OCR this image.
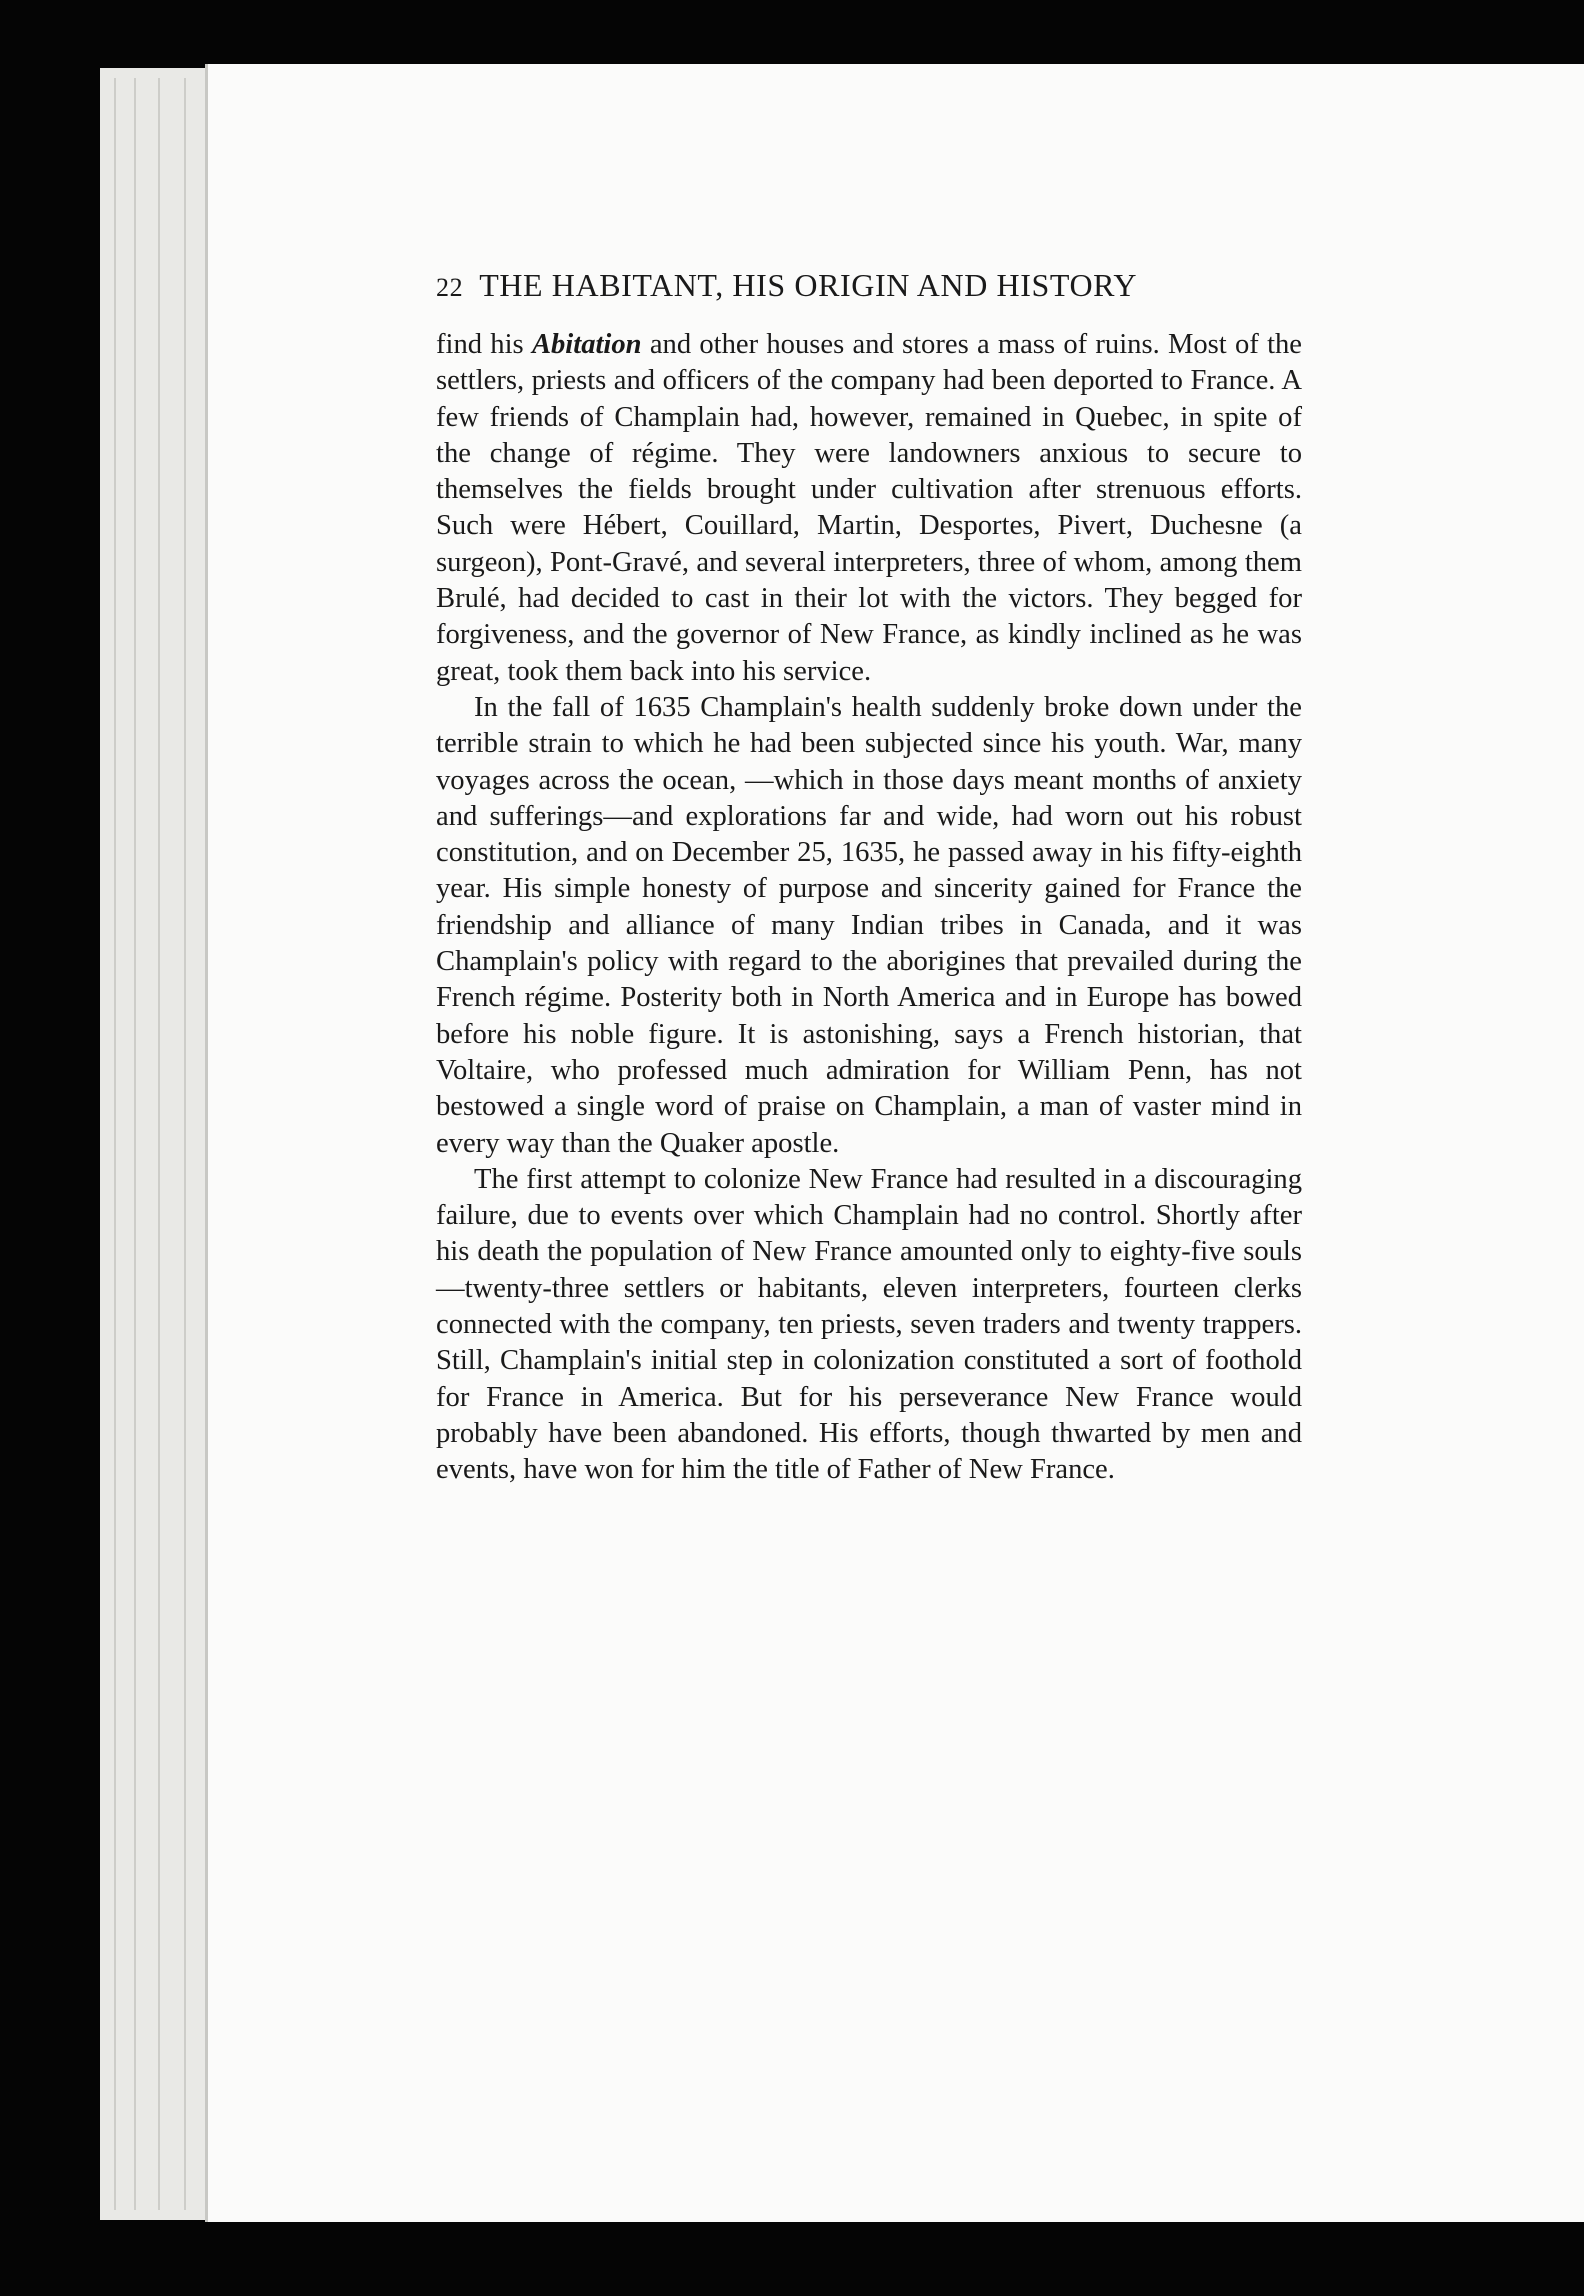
22 THE HABITANT, HIS ORIGIN AND HISTORY

find his Abitation and other houses and stores a mass of ruins. Most of the settlers, priests and officers of the company had been deported to France. A few friends of Champlain had, however, remained in Quebec, in spite of the change of régime. They were landowners anxious to secure to themselves the fields brought under cultivation after strenuous efforts. Such were Hébert, Couillard, Martin, Desportes, Pivert, Duchesne (a surgeon), Pont-Gravé, and several interpreters, three of whom, among them Brulé, had decided to cast in their lot with the victors. They begged for forgiveness, and the governor of New France, as kindly inclined as he was great, took them back into his service.

In the fall of 1635 Champlain's health suddenly broke down under the terrible strain to which he had been subjected since his youth. War, many voyages across the ocean, —which in those days meant months of anxiety and sufferings—and explorations far and wide, had worn out his robust constitution, and on December 25, 1635, he passed away in his fifty-eighth year. His simple honesty of purpose and sincerity gained for France the friendship and alliance of many Indian tribes in Canada, and it was Champlain's policy with regard to the aborigines that prevailed during the French régime. Posterity both in North America and in Europe has bowed before his noble figure. It is astonishing, says a French historian, that Voltaire, who professed much admiration for William Penn, has not bestowed a single word of praise on Champlain, a man of vaster mind in every way than the Quaker apostle.

The first attempt to colonize New France had resulted in a discouraging failure, due to events over which Champlain had no control. Shortly after his death the population of New France amounted only to eighty-five souls—twenty-three settlers or habitants, eleven interpreters, fourteen clerks connected with the company, ten priests, seven traders and twenty trappers. Still, Champlain's initial step in colonization constituted a sort of foothold for France in America. But for his perseverance New France would probably have been abandoned. His efforts, though thwarted by men and events, have won for him the title of Father of New France.
